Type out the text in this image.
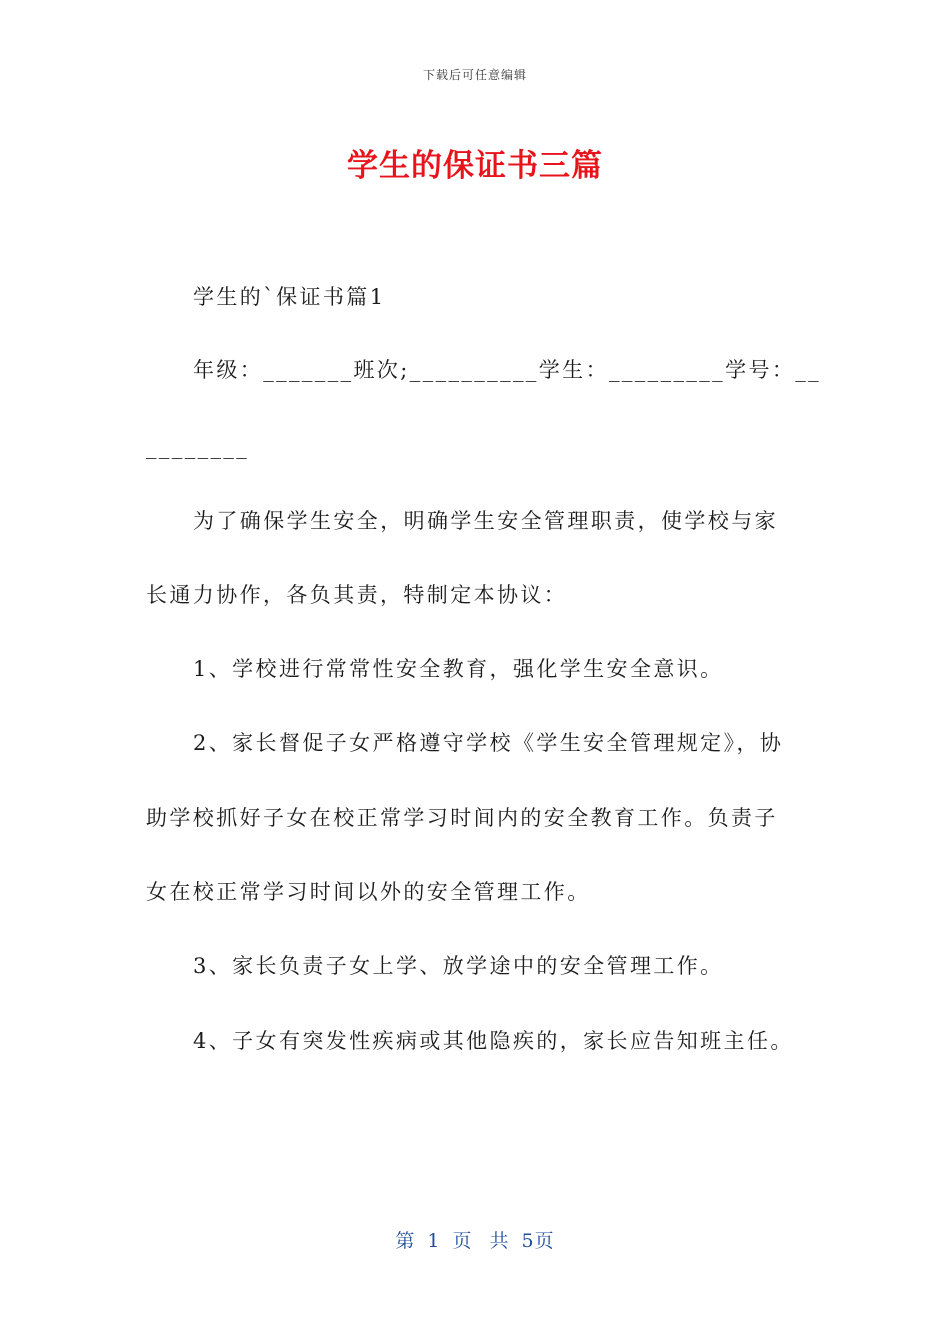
下载后可任意编辑
学生的保证书三篇
学生的`保证书篇1
年级：_______班次;__________学生：_________学号：__
________
为了确保学生安全，明确学生安全管理职责，使学校与家
长通力协作，各负其责，特制定本协议：
1、学校进行常常性安全教育，强化学生安全意识。
2、家长督促子女严格遵守学校《学生安全管理规定》，协
助学校抓好子女在校正常学习时间内的安全教育工作。负责子
女在校正常学习时间以外的安全管理工作。
3、家长负责子女上学、放学途中的安全管理工作。
4、子女有突发性疾病或其他隐疾的，家长应告知班主任。
第 1 页 共 5页
